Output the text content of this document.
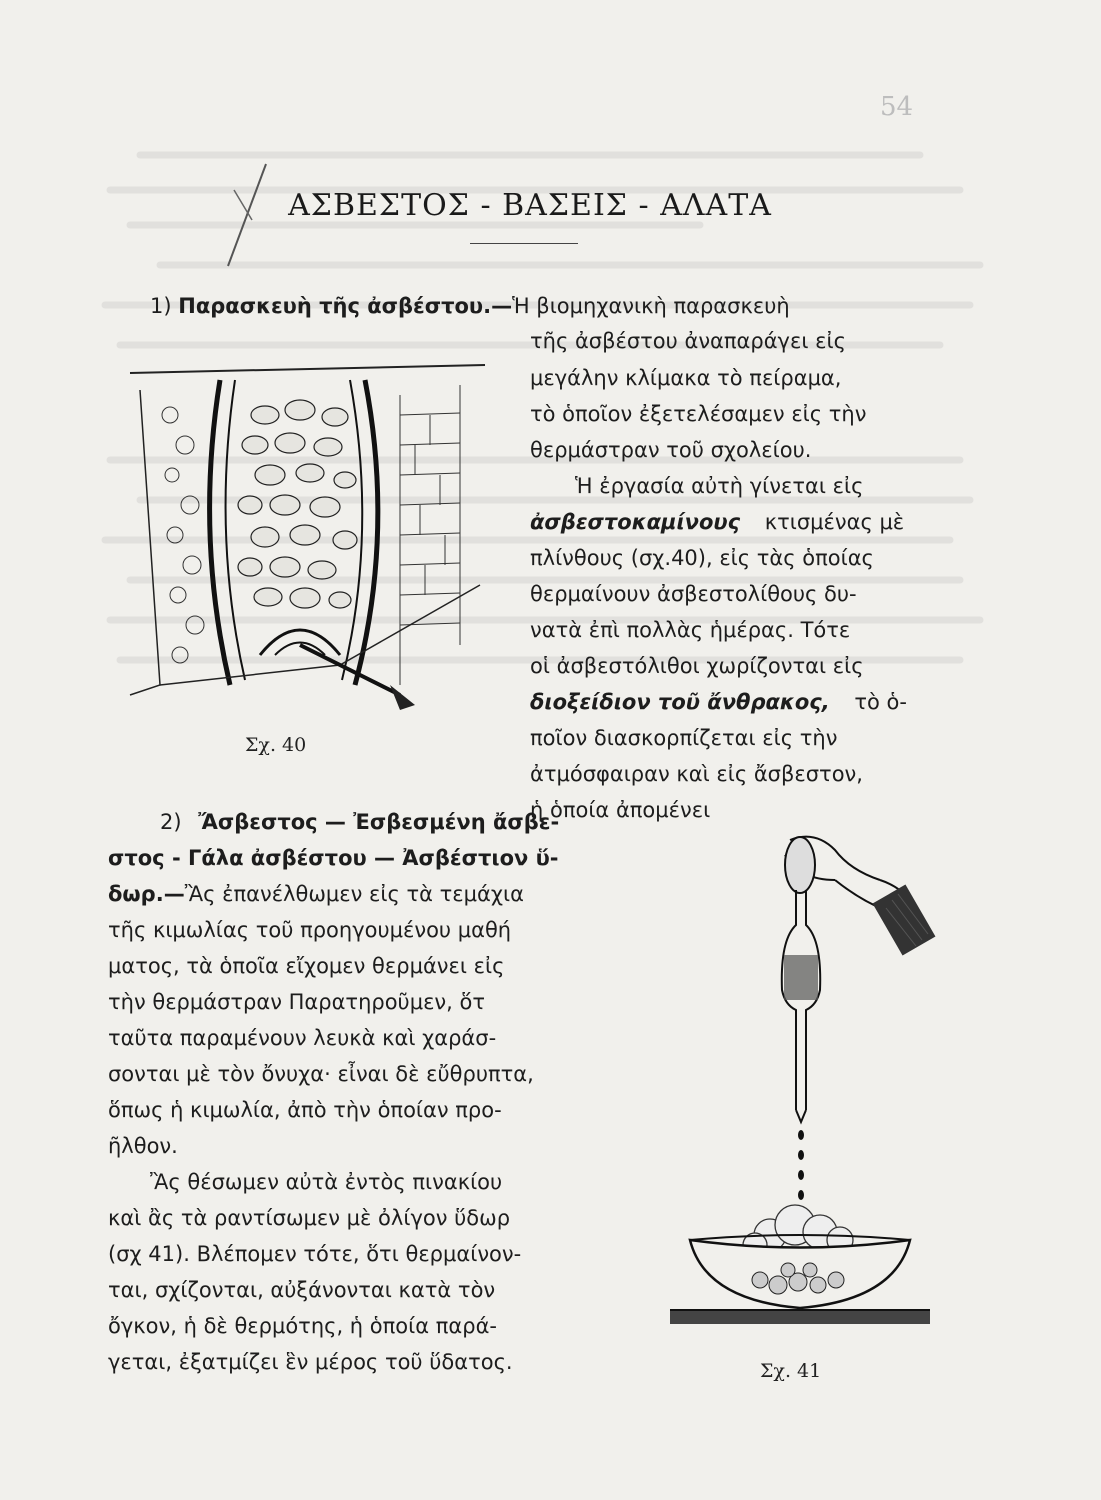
54
ΑΣΒΕΣΤΟΣ - ΒΑΣΕΙΣ - ΑΛΑΤΑ
1) Παρασκευὴ τῆς ἀσβέστου.—Ἡ βιομηχανικὴ παρασκευὴ
τῆς ἀσβέστου ἀναπαράγει εἰς
μεγάλην κλίμακα τὸ πείραμα,
τὸ ὁποῖον ἐξετελέσαμεν εἰς τὴν
θερμάστραν τοῦ σχολείου.
Ἡ ἐργασία αὐτὴ γίνεται εἰς
ἀσβεστοκαμίνους κτισμένας μὲ
πλίνθους (σχ.40), εἰς τὰς ὁποίας
θερμαίνουν ἀσβεστολίθους δυ-
νατὰ ἐπὶ πολλὰς ἡμέρας. Τότε
οἱ ἀσβεστόλιθοι χωρίζονται εἰς
διοξείδιον τοῦ ἄνθρακος, τὸ ὁ-
ποῖον διασκορπίζεται εἰς τὴν
ἀτμόσφαιραν καὶ εἰς ἄσβεστον,
ἡ ὁποία ἀπομένει
Σχ. 40
2) Ἄσβεστος — Ἐσβεσμένη ἄσβε-
στος - Γάλα ἀσβέστου — Ἀσβέστιον ὕ-
δωρ.—Ἂς ἐπανέλθωμεν εἰς τὰ τεμάχια
τῆς κιμωλίας τοῦ προηγουμένου μαθή
ματος, τὰ ὁποῖα εἴχομεν θερμάνει εἰς
τὴν θερμάστραν Παρατηροῦμεν, ὅτ
ταῦτα παραμένουν λευκὰ καὶ χαράσ-
σονται μὲ τὸν ὄνυχα· εἶναι δὲ εὔθρυπτα,
ὅπως ἡ κιμωλία, ἀπὸ τὴν ὁποίαν προ-
ῆλθον.
Ἂς θέσωμεν αὐτὰ ἐντὸς πινακίου
καὶ ἂς τὰ ραντίσωμεν μὲ ὀλίγον ὕδωρ
(σχ 41). Βλέπομεν τότε, ὅτι θερμαίνον-
ται, σχίζονται, αὐξάνονται κατὰ τὸν
ὄγκον, ἡ δὲ θερμότης, ἡ ὁποία παρά-
γεται, ἐξατμίζει ἓν μέρος τοῦ ὕδατος.	Σχ. 41
